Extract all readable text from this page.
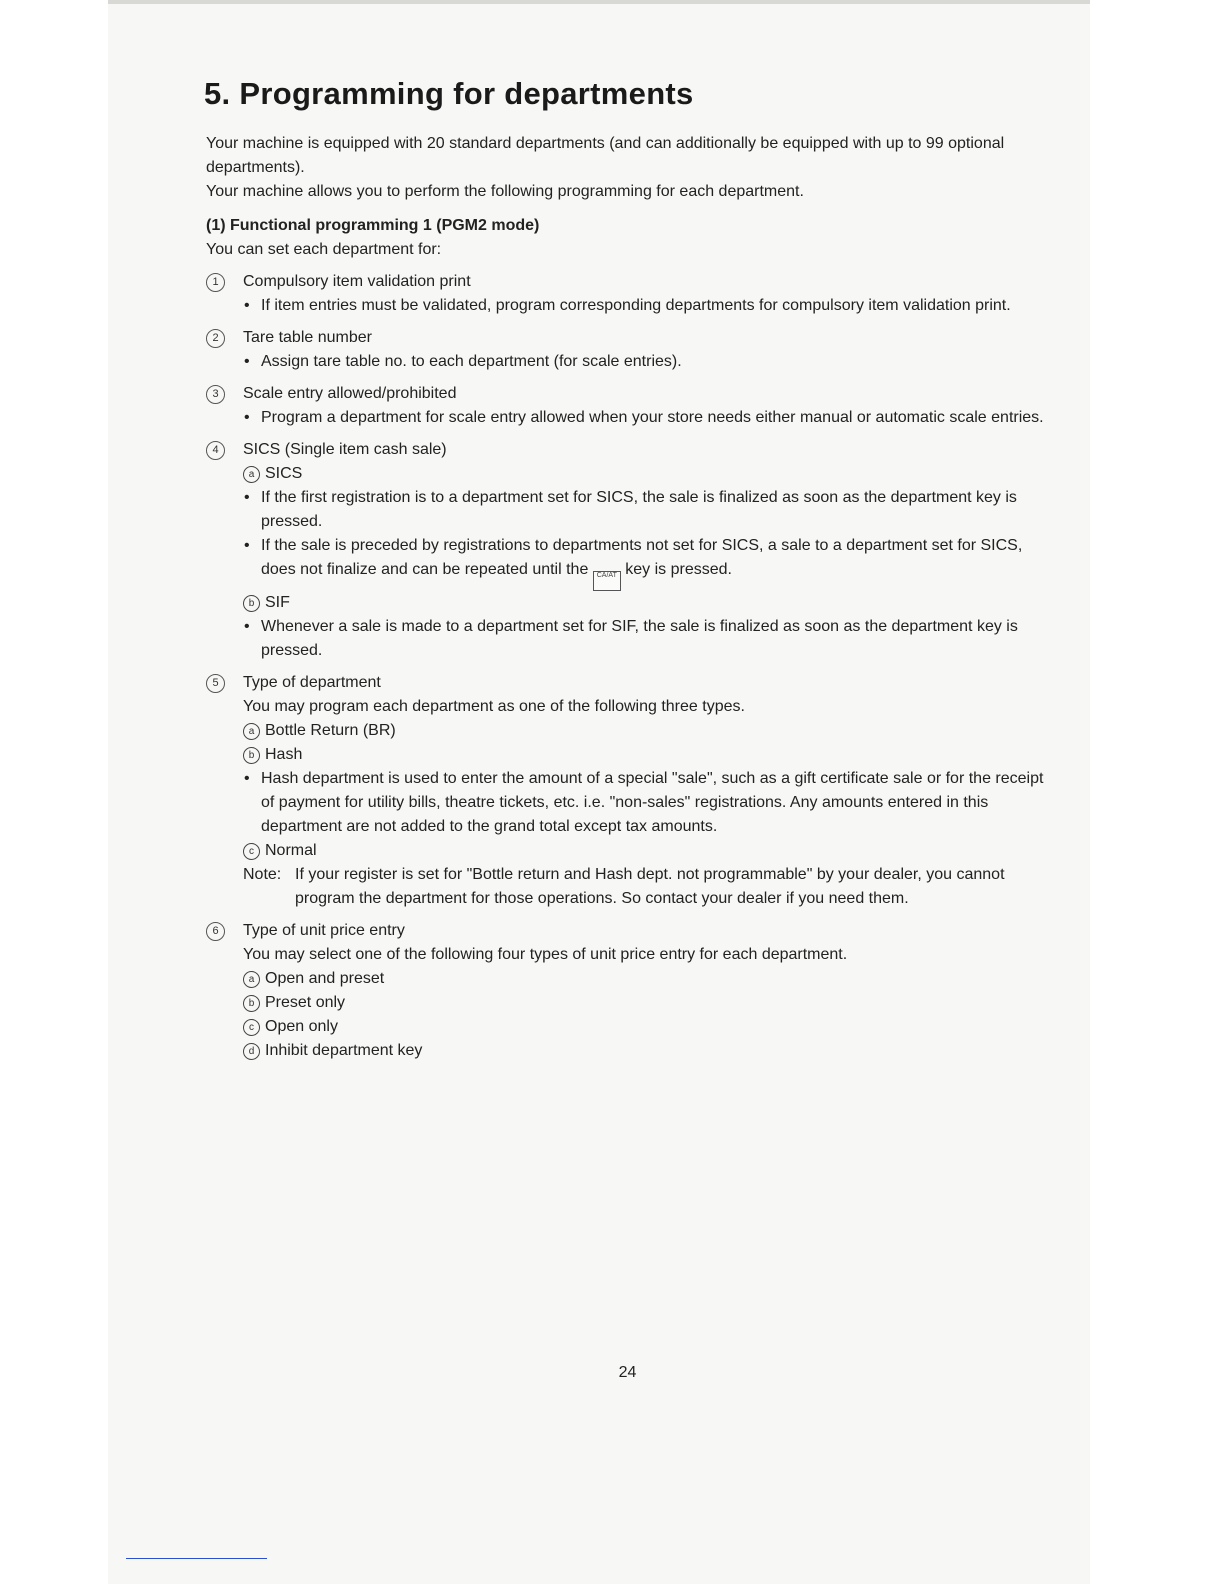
5. Programming for departments

Your machine is equipped with 20 standard departments (and can additionally be equipped with up to 99 optional departments).

Your machine allows you to perform the following programming for each department.

(1) Functional programming 1 (PGM2 mode)

You can set each department for:

1	Compulsory item validation print

• If item entries must be validated, program corresponding departments for compulsory item validation print.

2	Tare table number

• Assign tare table no. to each department (for scale entries).

3	Scale entry allowed/prohibited

• Program a department for scale entry allowed when your store needs either manual or automatic scale entries.

4	SICS (Single item cash sale)

a SICS

• If the first registration is to a department set for SICS, the sale is finalized as soon as the department key is pressed.

• If the sale is preceded by registrations to departments not set for SICS, a sale to a department set for SICS, does not finalize and can be repeated until the CA/AT key is pressed.

b SIF

• Whenever a sale is made to a department set for SIF, the sale is finalized as soon as the department key is pressed.

5	Type of department

You may program each department as one of the following three types.

a Bottle Return (BR)

b Hash

• Hash department is used to enter the amount of a special "sale", such as a gift certificate sale or for the receipt of payment for utility bills, theatre tickets, etc. i.e. "non-sales" registrations. Any amounts entered in this department are not added to the grand total except tax amounts.

c Normal

Note: If your register is set for "Bottle return and Hash dept. not programmable" by your dealer, you cannot program the department for those operations. So contact your dealer if you need them.

6	Type of unit price entry

You may select one of the following four types of unit price entry for each department.

a Open and preset

b Preset only

c Open only

d Inhibit department key

24
